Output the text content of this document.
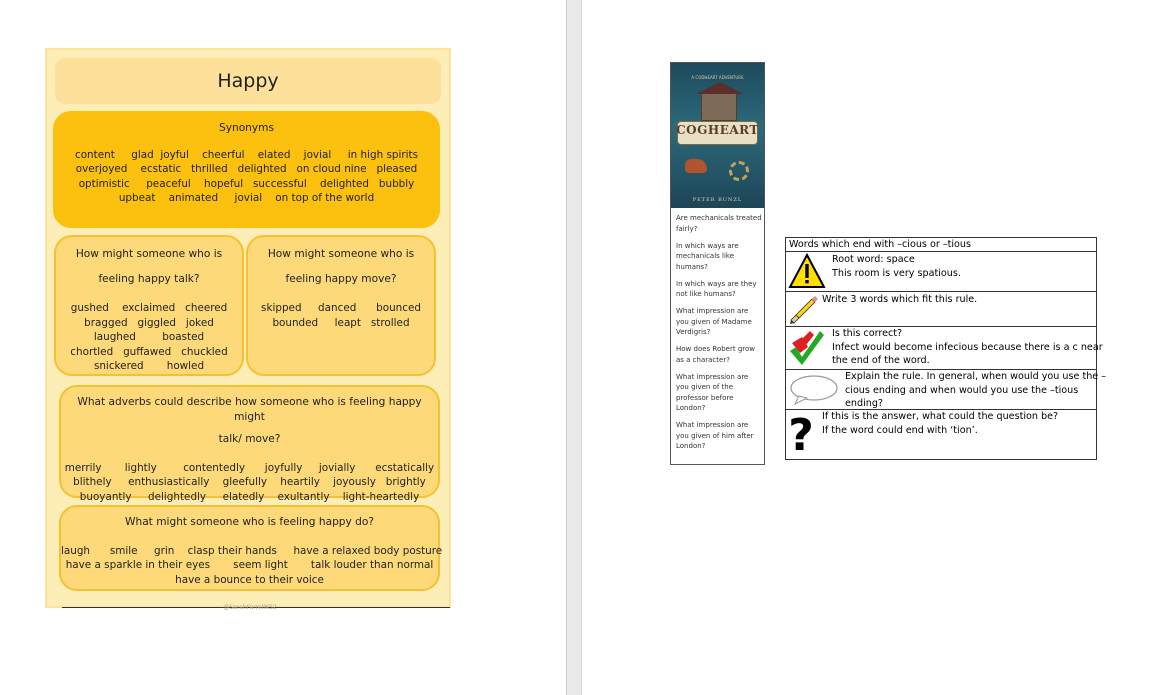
Happy
Synonyms
content     glad  joyful    cheerful    elated    jovial     in high spirits
overjoyed    ecstatic   thrilled   delighted   on cloud nine   pleased
optimistic     peaceful    hopeful   successful    delighted   bubbly
upbeat    animated     jovial    on top of the world
How might someone who is
feeling happy talk?
gushed    exclaimed   cheered
bragged   giggled   joked
laughed        boasted
chortled   guffawed   chuckled
snickered       howled
How might someone who is
feeling happy move?
skipped     danced      bounced
bounded     leapt   strolled
What adverbs could describe how someone who is feeling happy might
talk/ move?
merrily       lightly        contentedly      joyfully     jovially      ecstatically
blithely     enthusiastically    gleefully    heartily    joyously   brightly
buoyantly     delightedly     elatedly    exultantly    light-heartedly
What might someone who is feeling happy do?
laugh      smile     grin    clasp their hands     have a relaxed body posture
have a sparkle in their eyes       seem light       talk louder than normal
have a bounce to their voice
@SarahFarrellKS2
A CODHEART ADVENTURE
COGHEART
PETER BUNZL
Are mechanicals treated fairly?
In which ways are mechanicals like humans?
In which ways are they not like humans?
What impression are you given of Madame Verdigris?
How does Robert grow as a character?
What impression are you given of the professor before London?
What impression are you given of him after London?
Words which end with –cious or –tious
Root word: space
This room is very spatious.
Write 3 words which fit this rule.
Is this correct?
Infect would become infecious because there is a c near
the end of the word.
Explain the rule. In general, when would you use the –
cious ending and when would you use the –tious
ending?
? If this is the answer, what could the question be?
If the word could end with ‘tion’.
